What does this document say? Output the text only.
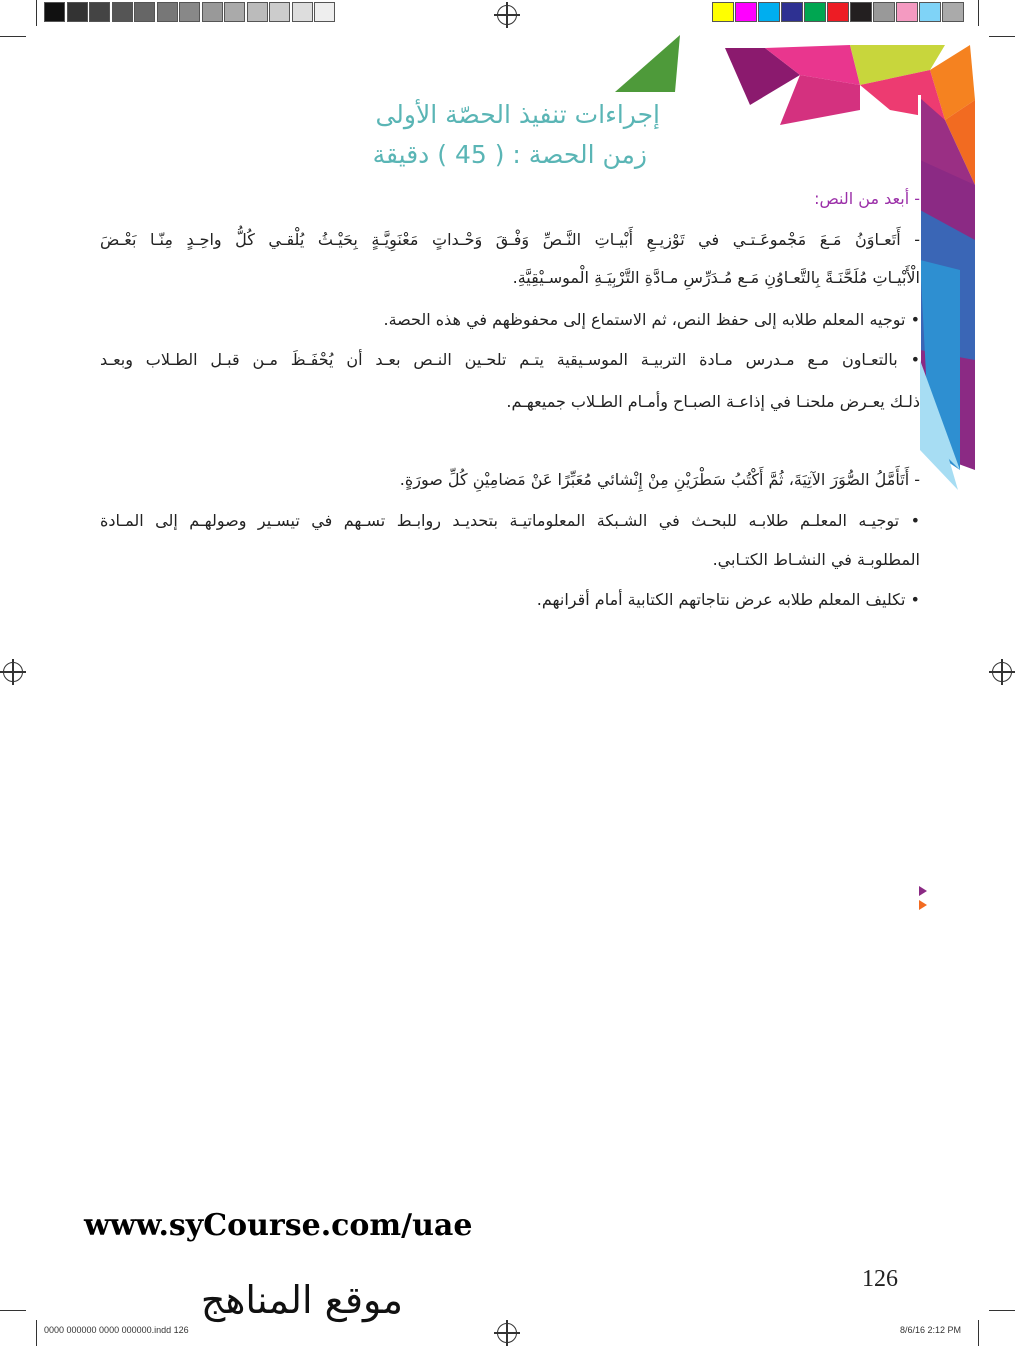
إجراءات تنفيذ الحصّة الأولى
زمن الحصة : ( 45 ) دقيقة
- أبعد من النص:
- أَتَعـاوَنُ مَـعَ مَجْموعَـتـي في تَوْزيـعِ أَبْيـاتِ النَّـصِّ وَفْـقَ وَحْـداتٍ مَعْنَوِيَّـةٍ بِحَيْـثُ يُلْقـي كُلُّ واحِـدٍ مِنّـا بَعْـضَ
الْأَبْيـاتِ مُلَحَّنَـةً بِالتَّعـاوُنِ مَـع مُـدَرِّسِ مـادَّةِ التَّرْبِيَـةِ الْموسـيْقِيَّةِ.
• توجيه المعلم طلابه إلى حفظ النص، ثم الاستماع إلى محفوظهم في هذه الحصة.
• بالتعـاون مـع مـدرس مـادة التربيـة الموسـيقية يتـم تلحـين النـص بعـد أن يُحْفَـظَ مـن قبـل الطـلاب وبعـد
ذلـك يعـرض ملحنـا في إذاعـة الصبـاح وأمـام الطـلاب جميعهـم.
- أَتَأَمَّلُ الصُّوَرَ الآتِيَةَ، ثُمَّ أَكْتُبُ سَطْرَيْنِ مِنْ إِنْشائي مُعَبِّرًا عَنْ مَضامِيْنِ كُلِّ صورَةٍ.
• توجيـه المعلـم طلابـه للبحـث في الشـبكة المعلوماتيـة بتحديـد روابـط تسـهم في تيسـير وصولهـم إلى المـادة
المطلوبـة في النشـاط الكتـابي.
• تكليف المعلم طلابه عرض نتاجاتهم الكتابية أمام أقرانهم.
www.syCourse.com/uae
126
موقع المناهج
0000 000000 0000 000000.indd 126	8/6/16 2:12 PM
